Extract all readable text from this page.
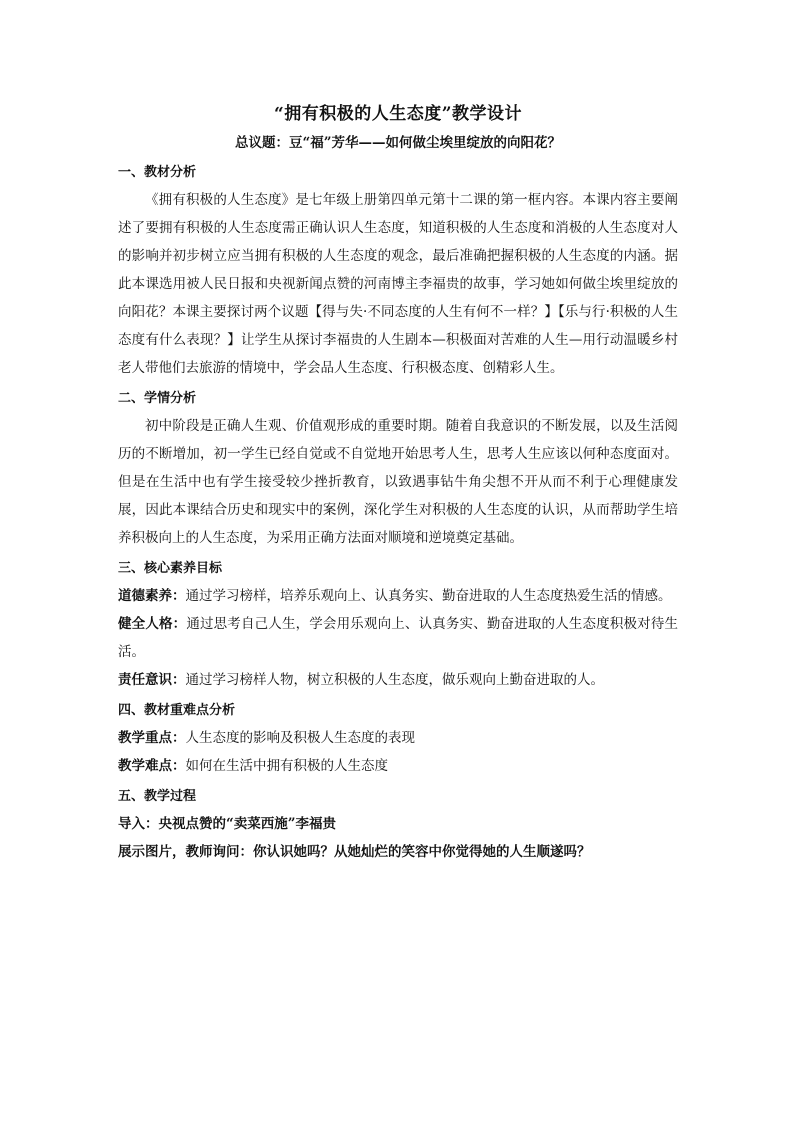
“拥有积极的人生态度”教学设计

总议题：豆“福”芳华——如何做尘埃里绽放的向阳花？

一、教材分析

《拥有积极的人生态度》是七年级上册第四单元第十二课的第一框内容。本课内容主要阐述了要拥有积极的人生态度需正确认识人生态度，知道积极的人生态度和消极的人生态度对人的影响并初步树立应当拥有积极的人生态度的观念，最后准确把握积极的人生态度的内涵。据此本课选用被人民日报和央视新闻点赞的河南博主李福贵的故事，学习她如何做尘埃里绽放的向阳花？本课主要探讨两个议题【得与失·不同态度的人生有何不一样？】【乐与行·积极的人生态度有什么表现？】让学生从探讨李福贵的人生剧本—积极面对苦难的人生—用行动温暖乡村老人带他们去旅游的情境中，学会品人生态度、行积极态度、创精彩人生。

二、学情分析

初中阶段是正确人生观、价值观形成的重要时期。随着自我意识的不断发展，以及生活阅历的不断增加，初一学生已经自觉或不自觉地开始思考人生，思考人生应该以何种态度面对。但是在生活中也有学生接受较少挫折教育，以致遇事钻牛角尖想不开从而不利于心理健康发展，因此本课结合历史和现实中的案例，深化学生对积极的人生态度的认识，从而帮助学生培养积极向上的人生态度，为采用正确方法面对顺境和逆境奠定基础。

三、核心素养目标

道德素养：通过学习榜样，培养乐观向上、认真务实、勤奋进取的人生态度热爱生活的情感。

健全人格：通过思考自己人生，学会用乐观向上、认真务实、勤奋进取的人生态度积极对待生活。

责任意识：通过学习榜样人物，树立积极的人生态度，做乐观向上勤奋进取的人。

四、教材重难点分析

教学重点：人生态度的影响及积极人生态度的表现

教学难点：如何在生活中拥有积极的人生态度

五、教学过程

导入：央视点赞的“卖菜西施”李福贵

展示图片，教师询问：你认识她吗？从她灿烂的笑容中你觉得她的人生顺遂吗？
